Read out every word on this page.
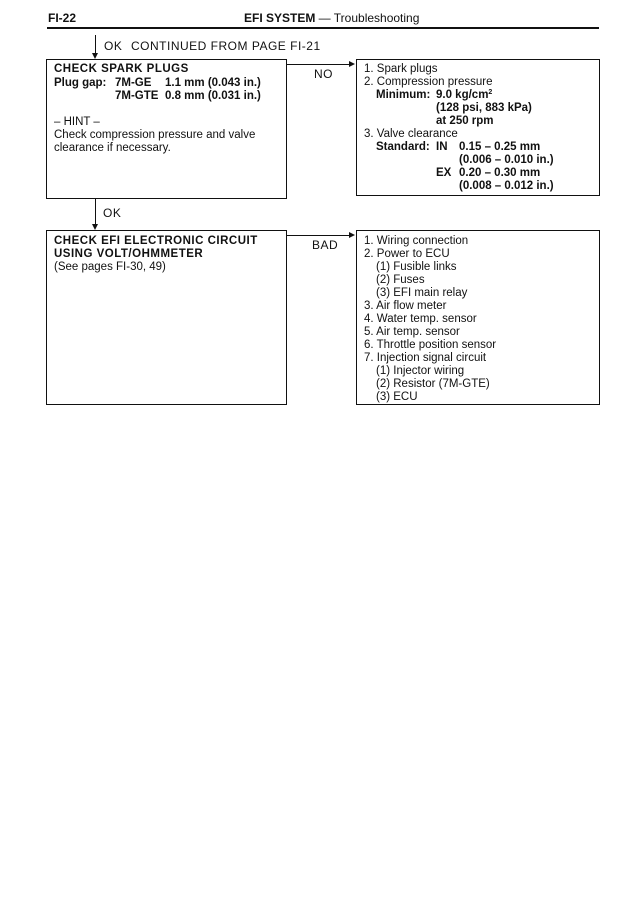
FI-22	EFI SYSTEM — Troubleshooting
OK CONTINUED FROM PAGE FI-21
CHECK SPARK PLUGS
Plug gap: 7M-GE 1.1 mm (0.043 in.)
7M-GTE 0.8 mm (0.031 in.)
– HINT –
Check compression pressure and valve
clearance if necessary.
NO	1. Spark plugs
2. Compression pressure
Minimum: 9.0 $kg/cm^2$
(128 psi, 883 kPa)
at 250 rpm
3. Valve clearance
Standard: IN 0.15 – 0.25 mm
(0.006 – 0.010 in.)
EX 0.20 – 0.30 mm
(0.008 – 0.012 in.)
OK
CHECK EFI ELECTRONIC CIRCUIT
USING VOLT/OHMMETER
(See pages FI-30, 49)
BAD 1. Wiring connection
2. Power to ECU
(1) Fusible links
(2) Fuses
(3) EFI main relay
3. Air flow meter
4. Water temp. sensor
5. Air temp. sensor
6. Throttle position sensor
7. Injection signal circuit
(1) Injector wiring
(2) Resistor (7M-GTE)
(3) ECU
